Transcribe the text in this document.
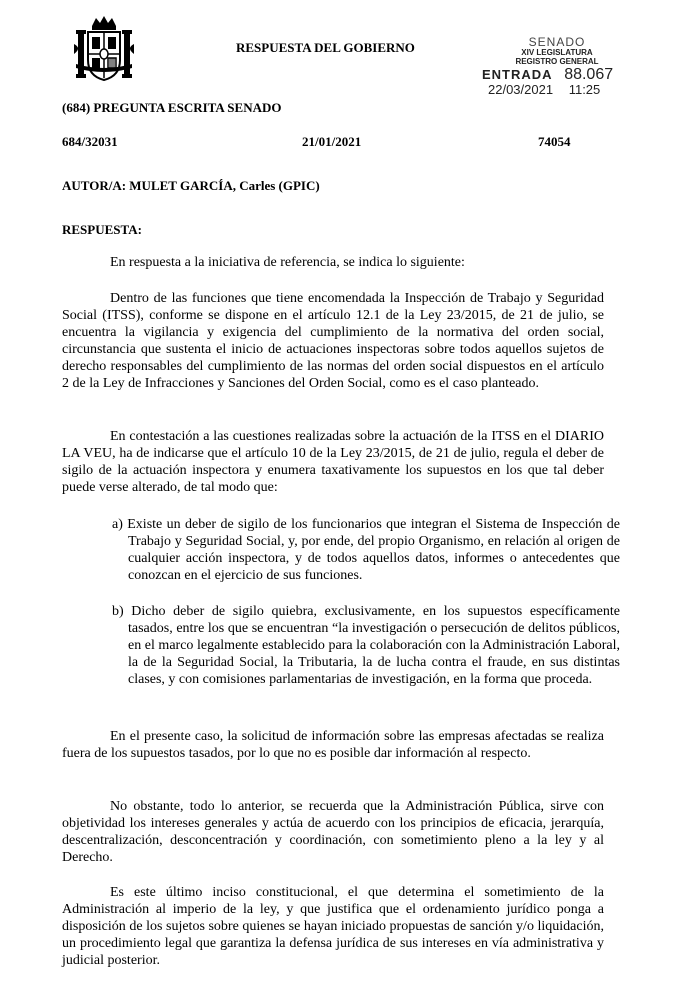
RESPUESTA DEL GOBIERNO	SENADO
XIV LEGISLATURA
REGISTRO GENERAL
ENTRADA 88.067
22/03/2021 11:25
(684) PREGUNTA ESCRITA SENADO
684/32031	21/01/2021	74054
AUTOR/A: MULET GARCÍA, Carles (GPIC)
RESPUESTA:
En respuesta a la iniciativa de referencia, se indica lo siguiente:
Dentro de las funciones que tiene encomendada la Inspección de Trabajo y Seguridad Social (ITSS), conforme se dispone en el artículo 12.1 de la Ley 23/2015, de 21 de julio, se encuentra la vigilancia y exigencia del cumplimiento de la normativa del orden social, circunstancia que sustenta el inicio de actuaciones inspectoras sobre todos aquellos sujetos de derecho responsables del cumplimiento de las normas del orden social dispuestos en el artículo 2 de la Ley de Infracciones y Sanciones del Orden Social, como es el caso planteado.
En contestación a las cuestiones realizadas sobre la actuación de la ITSS en el DIARIO LA VEU, ha de indicarse que el artículo 10 de la Ley 23/2015, de 21 de julio, regula el deber de sigilo de la actuación inspectora y enumera taxativamente los supuestos en los que tal deber puede verse alterado, de tal modo que:
a) Existe un deber de sigilo de los funcionarios que integran el Sistema de Inspección de Trabajo y Seguridad Social, y, por ende, del propio Organismo, en relación al origen de cualquier acción inspectora, y de todos aquellos datos, informes o antecedentes que conozcan en el ejercicio de sus funciones.
b) Dicho deber de sigilo quiebra, exclusivamente, en los supuestos específicamente tasados, entre los que se encuentran “la investigación o persecución de delitos públicos, en el marco legalmente establecido para la colaboración con la Administración Laboral, la de la Seguridad Social, la Tributaria, la de lucha contra el fraude, en sus distintas clases, y con comisiones parlamentarias de investigación, en la forma que proceda.
En el presente caso, la solicitud de información sobre las empresas afectadas se realiza fuera de los supuestos tasados, por lo que no es posible dar información al respecto.
No obstante, todo lo anterior, se recuerda que la Administración Pública, sirve con objetividad los intereses generales y actúa de acuerdo con los principios de eficacia, jerarquía, descentralización, desconcentración y coordinación, con sometimiento pleno a la ley y al Derecho.
Es este último inciso constitucional, el que determina el sometimiento de la Administración al imperio de la ley, y que justifica que el ordenamiento jurídico ponga a disposición de los sujetos sobre quienes se hayan iniciado propuestas de sanción y/o liquidación, un procedimiento legal que garantiza la defensa jurídica de sus intereses en vía administrativa y judicial posterior.
